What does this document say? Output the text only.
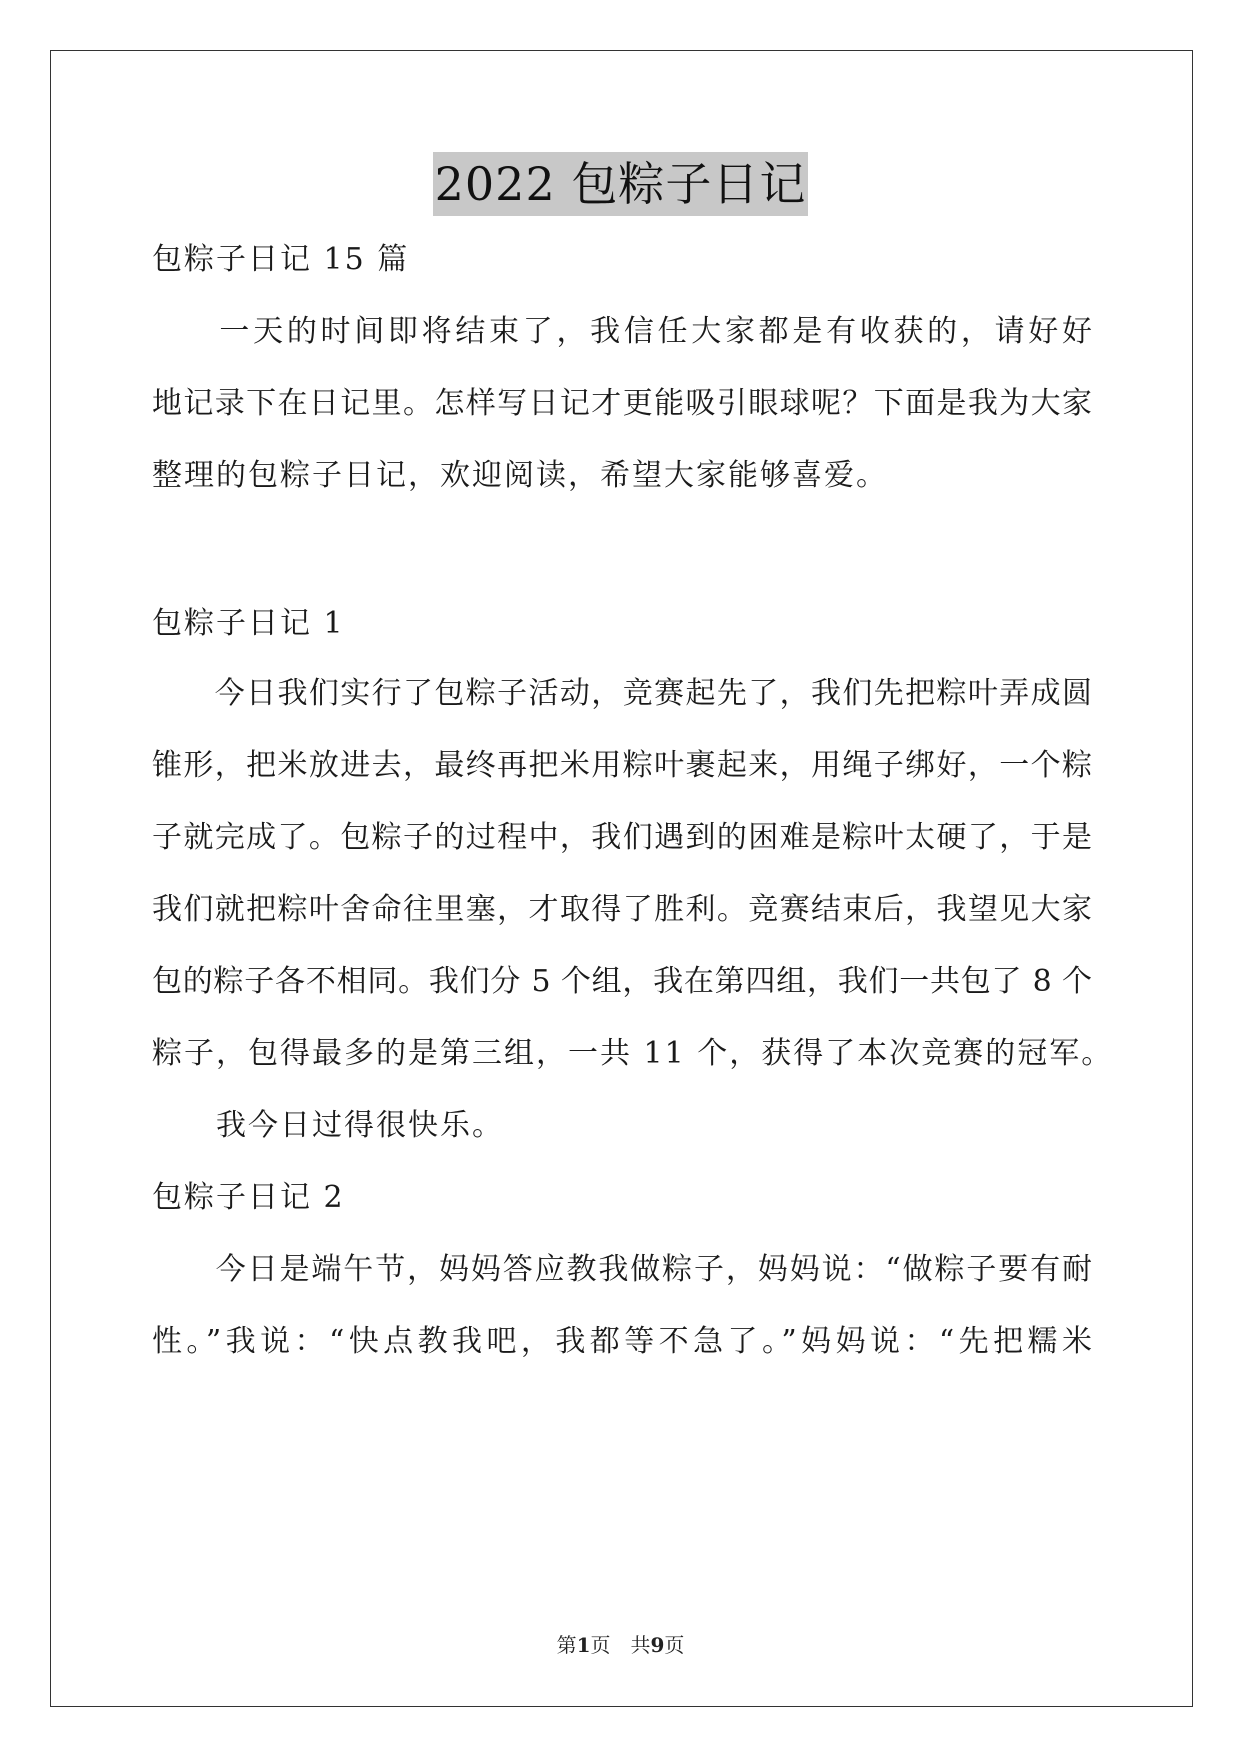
2022 包粽子日记
包粽子日记 15 篇
　　一天的时间即将结束了，我信任大家都是有收获的，请好好
地记录下在日记里。怎样写日记才更能吸引眼球呢？下面是我为大家
整理的包粽子日记，欢迎阅读，希望大家能够喜爱。
包粽子日记 1
　　今日我们实行了包粽子活动，竞赛起先了，我们先把粽叶弄成圆
锥形，把米放进去，最终再把米用粽叶裹起来，用绳子绑好，一个粽
子就完成了。包粽子的过程中，我们遇到的困难是粽叶太硬了，于是
我们就把粽叶舍命往里塞，才取得了胜利。竞赛结束后，我望见大家
包的粽子各不相同。我们分 5 个组，我在第四组，我们一共包了 8 个
粽子，包得最多的是第三组，一共 11 个，获得了本次竞赛的冠军。
　　我今日过得很快乐。
包粽子日记 2
　　今日是端午节，妈妈答应教我做粽子，妈妈说：“做粽子要有耐
性。”我说：“快点教我吧，我都等不急了。”妈妈说：“先把糯米
第1页　共9页
